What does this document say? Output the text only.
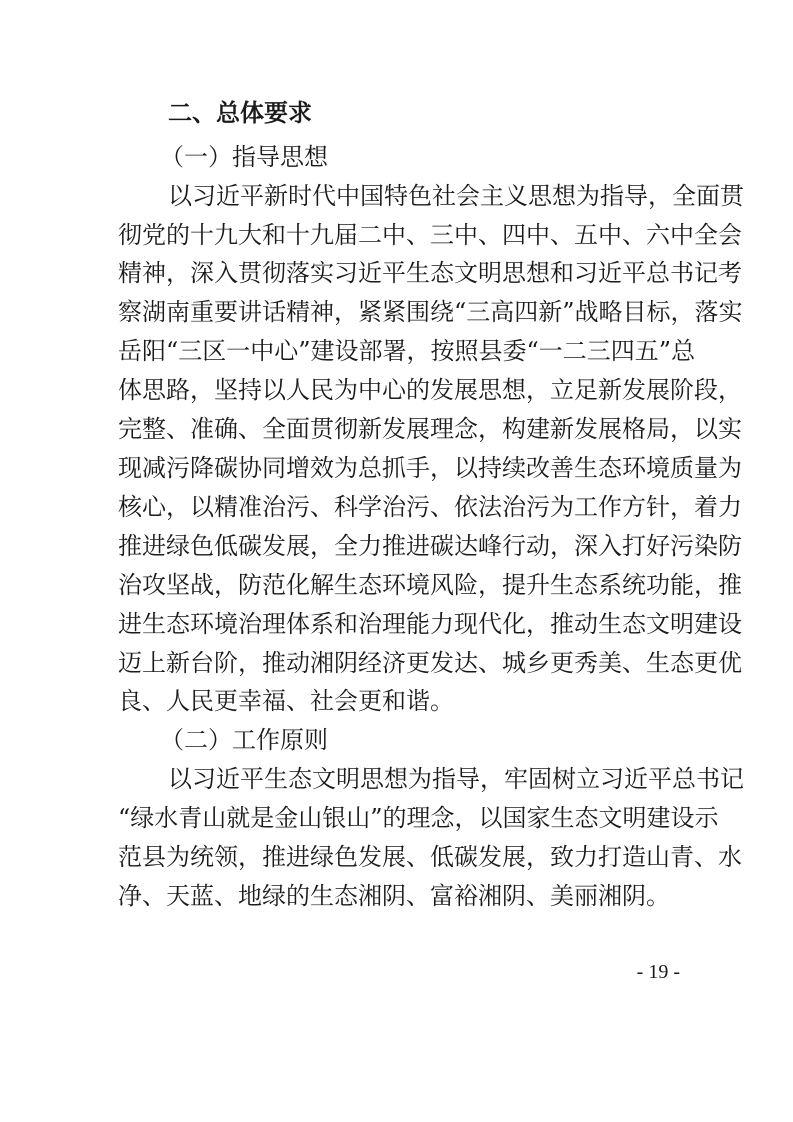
二、总体要求
（一）指导思想
以习近平新时代中国特色社会主义思想为指导，全面贯
彻党的十九大和十九届二中、三中、四中、五中、六中全会
精神，深入贯彻落实习近平生态文明思想和习近平总书记考
察湖南重要讲话精神，紧紧围绕“三高四新”战略目标，落实
岳阳“三区一中心”建设部署，按照县委“一二三四五”总
体思路，坚持以人民为中心的发展思想，立足新发展阶段，
完整、准确、全面贯彻新发展理念，构建新发展格局，以实
现减污降碳协同增效为总抓手，以持续改善生态环境质量为
核心，以精准治污、科学治污、依法治污为工作方针，着力
推进绿色低碳发展，全力推进碳达峰行动，深入打好污染防
治攻坚战，防范化解生态环境风险，提升生态系统功能，推
进生态环境治理体系和治理能力现代化，推动生态文明建设
迈上新台阶，推动湘阴经济更发达、城乡更秀美、生态更优
良、人民更幸福、社会更和谐。
（二）工作原则
以习近平生态文明思想为指导，牢固树立习近平总书记
“绿水青山就是金山银山”的理念，以国家生态文明建设示
范县为统领，推进绿色发展、低碳发展，致力打造山青、水
净、天蓝、地绿的生态湘阴、富裕湘阴、美丽湘阴。
- 19 -
